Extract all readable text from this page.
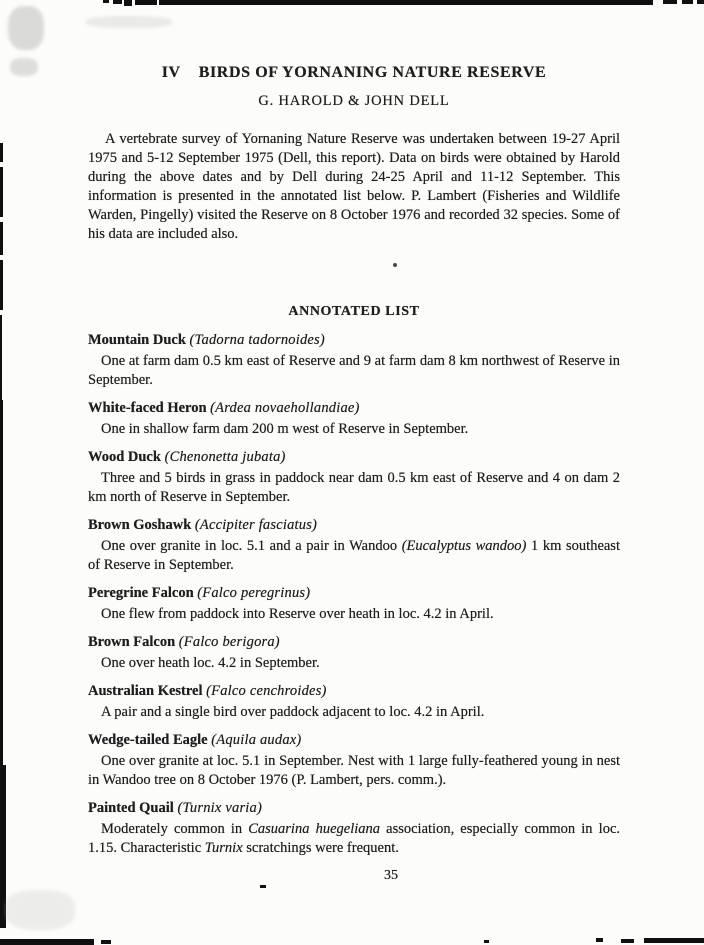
IV BIRDS OF YORNANING NATURE RESERVE
G. HAROLD & JOHN DELL

A vertebrate survey of Yornaning Nature Reserve was undertaken between 19-27 April 1975 and 5-12 September 1975 (Dell, this report). Data on birds were obtained by Harold during the above dates and by Dell during 24-25 April and 11-12 September. This information is presented in the annotated list below. P. Lambert (Fisheries and Wildlife Warden, Pingelly) visited the Reserve on 8 October 1976 and recorded 32 species. Some of his data are included also.

ANNOTATED LIST
Mountain Duck (Tadorna tadornoides)

One at farm dam 0.5 km east of Reserve and 9 at farm dam 8 km northwest of Reserve in September.

White-faced Heron (Ardea novaehollandiae)

One in shallow farm dam 200 m west of Reserve in September.

Wood Duck (Chenonetta jubata)

Three and 5 birds in grass in paddock near dam 0.5 km east of Reserve and 4 on dam 2 km north of Reserve in September.

Brown Goshawk (Accipiter fasciatus)

One over granite in loc. 5.1 and a pair in Wandoo (Eucalyptus wandoo) 1 km southeast of Reserve in September.

Peregrine Falcon (Falco peregrinus)

One flew from paddock into Reserve over heath in loc. 4.2 in April.

Brown Falcon (Falco berigora)

One over heath loc. 4.2 in September.

Australian Kestrel (Falco cenchroides)

A pair and a single bird over paddock adjacent to loc. 4.2 in April.

Wedge-tailed Eagle (Aquila audax)

One over granite at loc. 5.1 in September. Nest with 1 large fully-feathered young in nest in Wandoo tree on 8 October 1976 (P. Lambert, pers. comm.).

Painted Quail (Turnix varia)

Moderately common in Casuarina huegeliana association, especially common in loc. 1.15. Characteristic Turnix scratchings were frequent.

35
